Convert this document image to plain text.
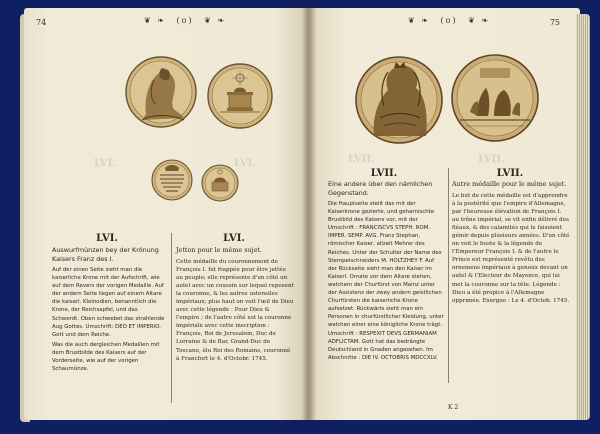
74	❦ ❧ (o) ❦ ❧
LVI.	LVI.
LVI.
Auswurfmünzen bey der Krönung Kaisers Franz des I.

Auf der einen Seite sieht man die kaiserliche Krone mit der Aufschrift, wie auf dem Revers der vorigen Medaille. Auf der andern Seite liegen auf einem Altare die kaiserl. Kleinodien, benanntlich die Krone, der Reichsapfel, und das Schwerdt. Oben schwebet das strahlende Aug Gottes. Umschrift: DEO ET IMPERIO. Gott und dem Reiche.

Was die auch dergleichen Medaillen mit dem Brustbilde des Kaisers auf der Vorderseite, wie auf der vorigen Schaumünze.

LVI.
Jetton pour le même sujet.

Cette médaille du couronnement de François I. fut frappée pour être jettée au peuple; elle représente d'un côté un autel avec un coussin sur lequel reposent la couronne, & les autres ustensiles impériaux; plus haut on voit l'œil de Dieu avec cette légende : Pour Dieu & l'empire ; de l'autre côté est la couronne impériale avec cette inscription : François, Roi de Jerusalem, Duc de Lorraine & de Bar, Grand-Duc de Toscane, élu Roi des Romains, couronné à Francfort le 4. d'Octobr. 1745.

75
❦ ❧ (o) ❦ ❧
LVII.	LVII.
LVII.
Eine andere über den nämlichen Gegenstand.

Die Hauptseite stellt das mit der Kaiserkrone gezierte, und geharnischte Brustbild des Kaisers vor, mit der Umschrift : FRANCISCVS STEPH. ROM. IMPER. SEMP. AVG. Franz Stephan, römischer Kaiser, allzeit Mehrer des Reiches. Unter der Schulter der Name des Stempelschneiders M. HOLTZHEY F. Auf der Rückseite sieht man den Kaiser im Kaiserl. Ornate vor dem Altare stehen, welchem der Churfürst von Mainz unter der Assistenz der zwey andern geistlichen Churfürsten die kaiserliche Krone aufsetzet. Rückwärts sieht man ein Personen in churfürstlicher Kleidung, unter welchen einer eine königliche Krone trägt. Umschrift : RESPEXIT DEVS GERMANIAM ADFLICTAM. Gott hat das bedrängte Deutschland in Gnaden angesehen. Im Abschnitte : DIE IV. OCTOBRIS MDCCXLV.

LVII.
Autre médaille pour le même sujet.

Le but de cette médaille est d'apprendre à la postérité que l'empire d'Allemagne, par l'heureuse élévation de François I. au trône impérial, se vit enfin délivré des fléaux, & des calamités qui le faisoient gémir depuis plusieurs années. D'un côté on voit le buste & la légende de l'Empereur François I. & de l'autre le Prince est représenté revêtu des ornemens impériaux à genoux devant un autel & l'Electeur de Mayence, qui lui met la couronne sur la tête. Légende : Dieu a été propice à l'Allemagne opprimée. Exergue : Le 4. d'Octob. 1745.

K 2
